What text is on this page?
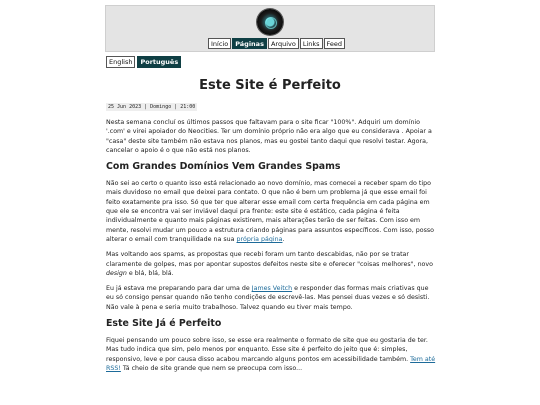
Início	Páginas	Arquivo	Links	Feed
English	Português
Este Site é Perfeito
25 Jun 2023 | Domingo | 21:00

Nesta semana concluí os últimos passos que faltavam para o site ficar "100%". Adquiri um domínio '.com' e virei apoiador do Neocities. Ter um domínio próprio não era algo que eu considerava . Apoiar a "casa" deste site também não estava nos planos, mas eu gostei tanto daqui que resolvi testar. Agora, cancelar o apoio é o que não está nos planos.

Com Grandes Domínios Vem Grandes Spams

Não sei ao certo o quanto isso está relacionado ao novo domínio, mas comecei a receber spam do tipo mais duvidoso no email que deixei para contato. O que não é bem um problema já que esse email foi feito exatamente pra isso. Só que ter que alterar esse email com certa frequência em cada página em que ele se encontra vai ser inviável daqui pra frente: este site é estático, cada página é feita individualmente e quanto mais páginas existirem, mais alterações terão de ser feitas. Com isso em mente, resolvi mudar um pouco a estrutura criando páginas para assuntos específicos. Com isso, posso alterar o email com tranquilidade na sua própria página.

Mas voltando aos spams, as propostas que recebi foram um tanto descabidas, não por se tratar claramente de golpes, mas por apontar supostos defeitos neste site e oferecer "coisas melhores", novo design e blá, blá, blá.

Eu já estava me preparando para dar uma de James Veitch e responder das formas mais criativas que eu só consigo pensar quando não tenho condições de escrevê-las. Mas pensei duas vezes e só desisti. Não vale à pena e seria muito trabalhoso. Talvez quando eu tiver mais tempo.

Este Site Já é Perfeito

Fiquei pensando um pouco sobre isso, se esse era realmente o formato de site que eu gostaria de ter. Mas tudo indica que sim, pelo menos por enquanto. Esse site é perfeito do jeito que é: simples, responsivo, leve e por causa disso acabou marcando alguns pontos em acessibilidade também. Tem até RSS! Tá cheio de site grande que nem se preocupa com isso...
